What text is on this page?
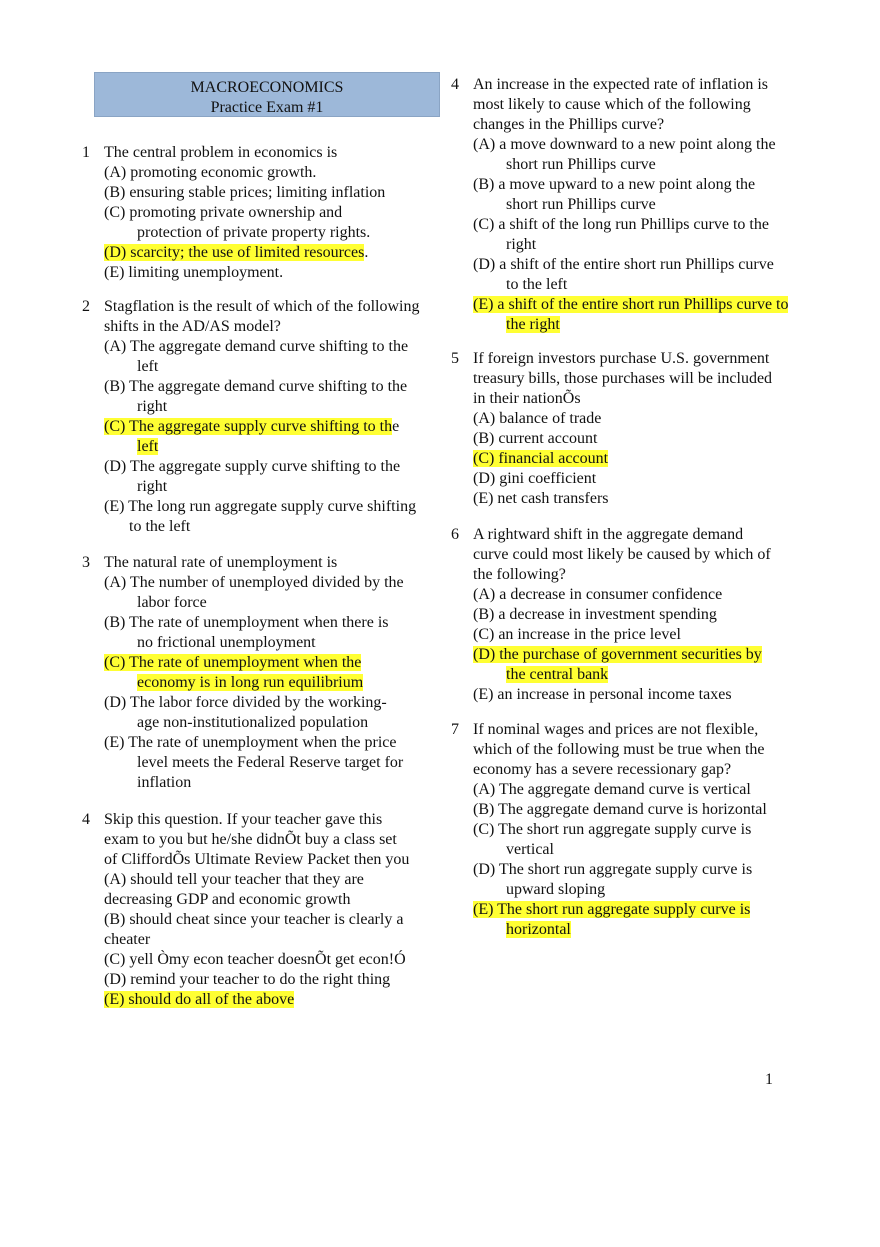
MACROECONOMICS
Practice Exam #1
1 The central problem in economics is
(A) promoting economic growth.
(B) ensuring stable prices; limiting inflation
(C) promoting private ownership and
protection of private property rights.
(D) scarcity; the use of limited resources.
(E) limiting unemployment.
2 Stagflation is the result of which of the following
shifts in the AD/AS model?
(A) The aggregate demand curve shifting to the
left
(B) The aggregate demand curve shifting to the
right
(C) The aggregate supply curve shifting to the
left
(D) The aggregate supply curve shifting to the
right
(E) The long run aggregate supply curve shifting
to the left
3 The natural rate of unemployment is
(A) The number of unemployed divided by the
labor force
(B) The rate of unemployment when there is
no frictional unemployment
(C) The rate of unemployment when the
economy is in long run equilibrium
(D) The labor force divided by the working-
age non-institutionalized population
(E) The rate of unemployment when the price
level meets the Federal Reserve target for
inflation
4 Skip this question. If your teacher gave this
exam to you but he/she didnÕt buy a class set
of CliffordÕs Ultimate Review Packet then you
(A) should tell your teacher that they are
decreasing GDP and economic growth
(B) should cheat since your teacher is clearly a
cheater
(C) yell Òmy econ teacher doesnÕt get econ!Ó
(D) remind your teacher to do the right thing
(E) should do all of the above
4 An increase in the expected rate of inflation is
most likely to cause which of the following
changes in the Phillips curve?
(A) a move downward to a new point along the
short run Phillips curve
(B) a move upward to a new point along the
short run Phillips curve
(C) a shift of the long run Phillips curve to the
right
(D) a shift of the entire short run Phillips curve
to the left
(E) a shift of the entire short run Phillips curve to
the right
5 If foreign investors purchase U.S. government
treasury bills, those purchases will be included
in their nationÕs
(A) balance of trade
(B) current account
(C) financial account
(D) gini coefficient
(E) net cash transfers
6 A rightward shift in the aggregate demand
curve could most likely be caused by which of
the following?
(A) a decrease in consumer confidence
(B) a decrease in investment spending
(C) an increase in the price level
(D) the purchase of government securities by
the central bank
(E) an increase in personal income taxes
7 If nominal wages and prices are not flexible,
which of the following must be true when the
economy has a severe recessionary gap?
(A) The aggregate demand curve is vertical
(B) The aggregate demand curve is horizontal
(C) The short run aggregate supply curve is
vertical
(D) The short run aggregate supply curve is
upward sloping
(E) The short run aggregate supply curve is
horizontal
1
